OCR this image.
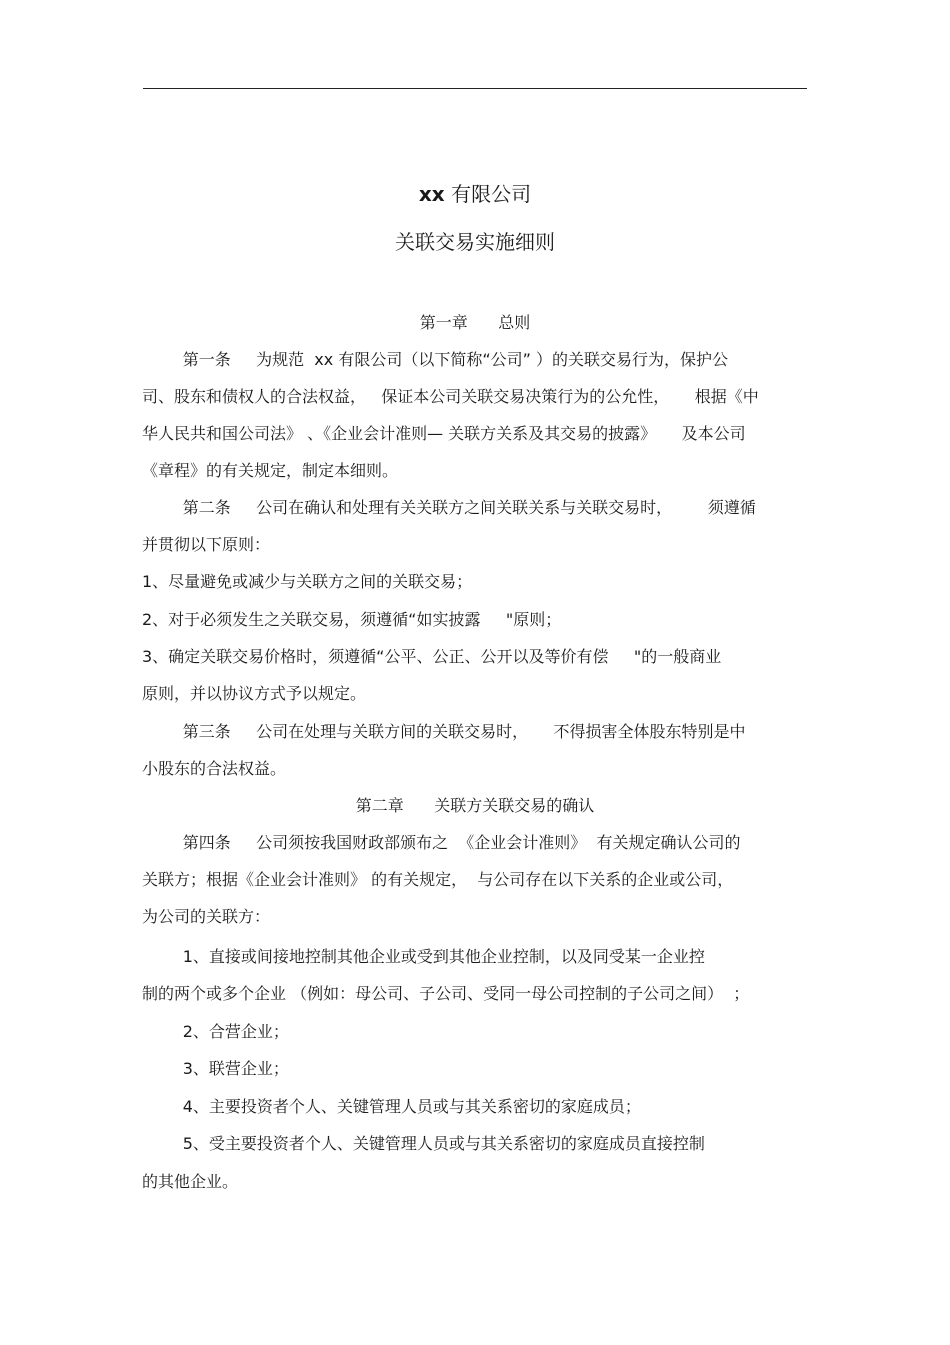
xx 有限公司
关联交易实施细则
第一章      总则
第一条     为规范  xx 有限公司（以下简称“公司” ）的关联交易行为，保护公
司、股东和债权人的合法权益，   保证本公司关联交易决策行为的公允性，     根据《中
华人民共和国公司法》 、《企业会计准则— 关联方关系及其交易的披露》     及本公司
《章程》的有关规定，制定本细则。
第二条     公司在确认和处理有关关联方之间关联关系与关联交易时，       须遵循
并贯彻以下原则：
1、尽量避免或减少与关联方之间的关联交易；
2、对于必须发生之关联交易，须遵循“如实披露     "原则；
3、确定关联交易价格时，须遵循“公平、公正、公开以及等价有偿     "的一般商业
原则，并以协议方式予以规定。
第三条     公司在处理与关联方间的关联交易时，     不得损害全体股东特别是中
小股东的合法权益。
第二章      关联方关联交易的确认
第四条     公司须按我国财政部颁布之  《企业会计准则》  有关规定确认公司的
关联方；根据《企业会计准则》 的有关规定，  与公司存在以下关系的企业或公司，
为公司的关联方：
1、直接或间接地控制其他企业或受到其他企业控制，以及同受某一企业控
制的两个或多个企业 （例如：母公司、子公司、受同一母公司控制的子公司之间）  ；
2、合营企业；
3、联营企业；
4、主要投资者个人、关键管理人员或与其关系密切的家庭成员；
5、受主要投资者个人、关键管理人员或与其关系密切的家庭成员直接控制
的其他企业。
